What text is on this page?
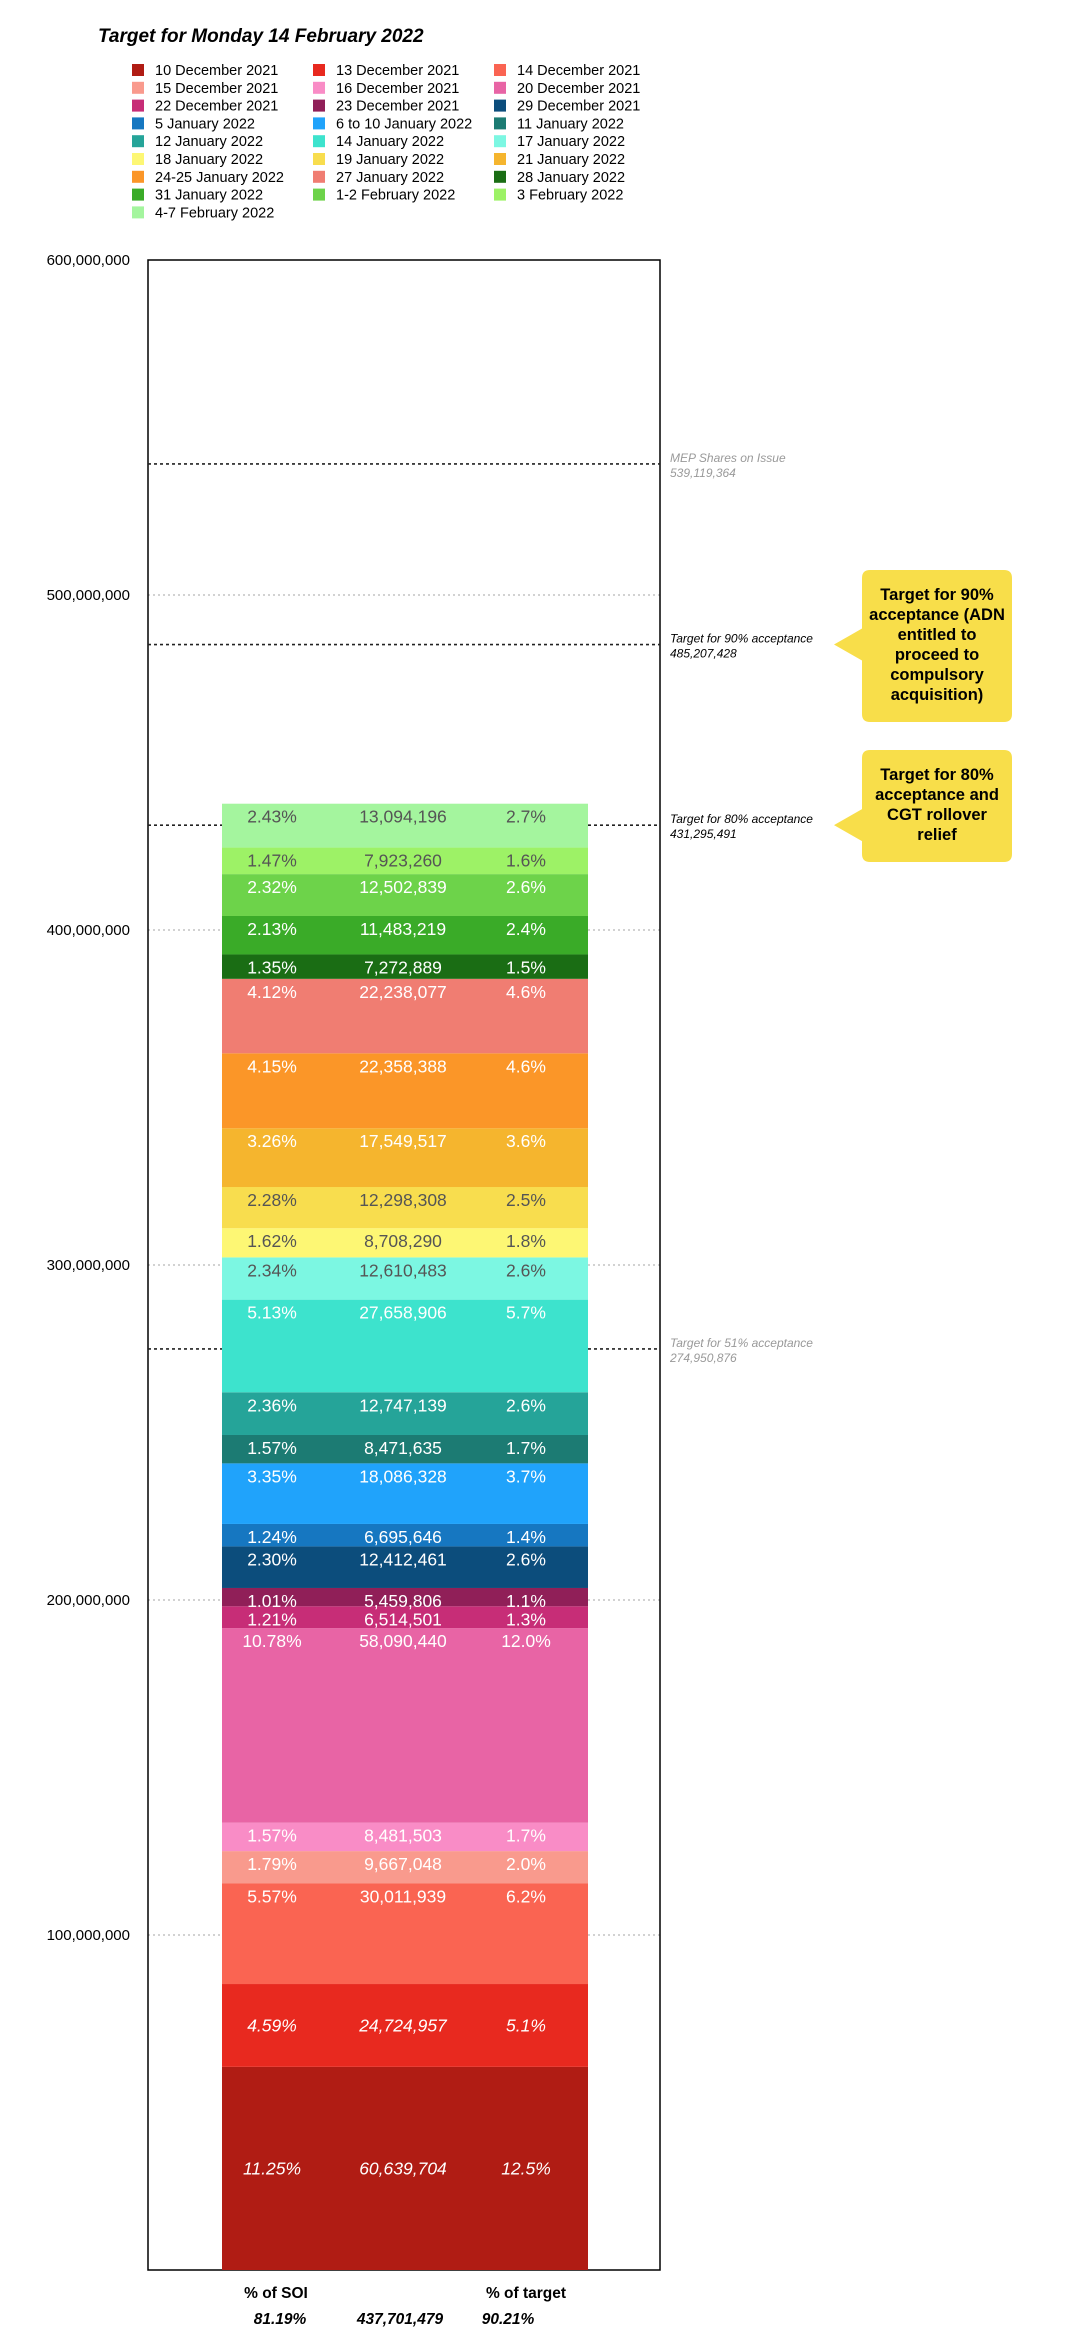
Target for Monday 14 February 2022
10 December 2021	13 December 2021	14 December 2021
15 December 2021	16 December 2021	20 December 2021
22 December 2021	23 December 2021	29 December 2021
5 January 2022	6 to 10 January 2022	11 January 2022
12 January 2022	14 January 2022	17 January 2022
18 January 2022	19 January 2022	21 January 2022
24-25 January 2022	27 January 2022	28 January 2022
31 January 2022	1-2 February 2022	3 February 2022
4-7 February 2022
600,000,000
500,000,000
400,000,000
300,000,000
200,000,000
100,000,000
11.25%	60,639,704	12.5%
4.59%	24,724,957	5.1%
5.57%	30,011,939	6.2%
1.79%	9,667,048	2.0%
1.57%	8,481,503	1.7%
10.78%	58,090,440	12.0%
1.21%	6,514,501	1.3%
1.01%	5,459,806	1.1%
2.30%	12,412,461	2.6%
1.24%	6,695,646	1.4%
3.35%	18,086,328	3.7%
1.57%	8,471,635	1.7%
2.36%	12,747,139	2.6%
5.13%	27,658,906	5.7%
2.34%	12,610,483	2.6%
1.62%	8,708,290	1.8%
2.28%	12,298,308	2.5%
3.26%	17,549,517	3.6%
4.15%	22,358,388	4.6%
4.12%	22,238,077	4.6%
1.35%	7,272,889	1.5%
2.13%	11,483,219	2.4%
2.32%	12,502,839	2.6%
1.47%	7,923,260	1.6%
2.43%	13,094,196	2.7%
MEP Shares on Issue
539,119,364
Target for 90% acceptance
485,207,428
Target for 80% acceptance
431,295,491
Target for 51% acceptance
274,950,876
Target for 90%
acceptance (ADN
entitled to
proceed to
compulsory
acquisition)
Target for 80%
acceptance and
CGT rollover
relief
% of SOI	% of target
81.19%	437,701,479 90.21%
